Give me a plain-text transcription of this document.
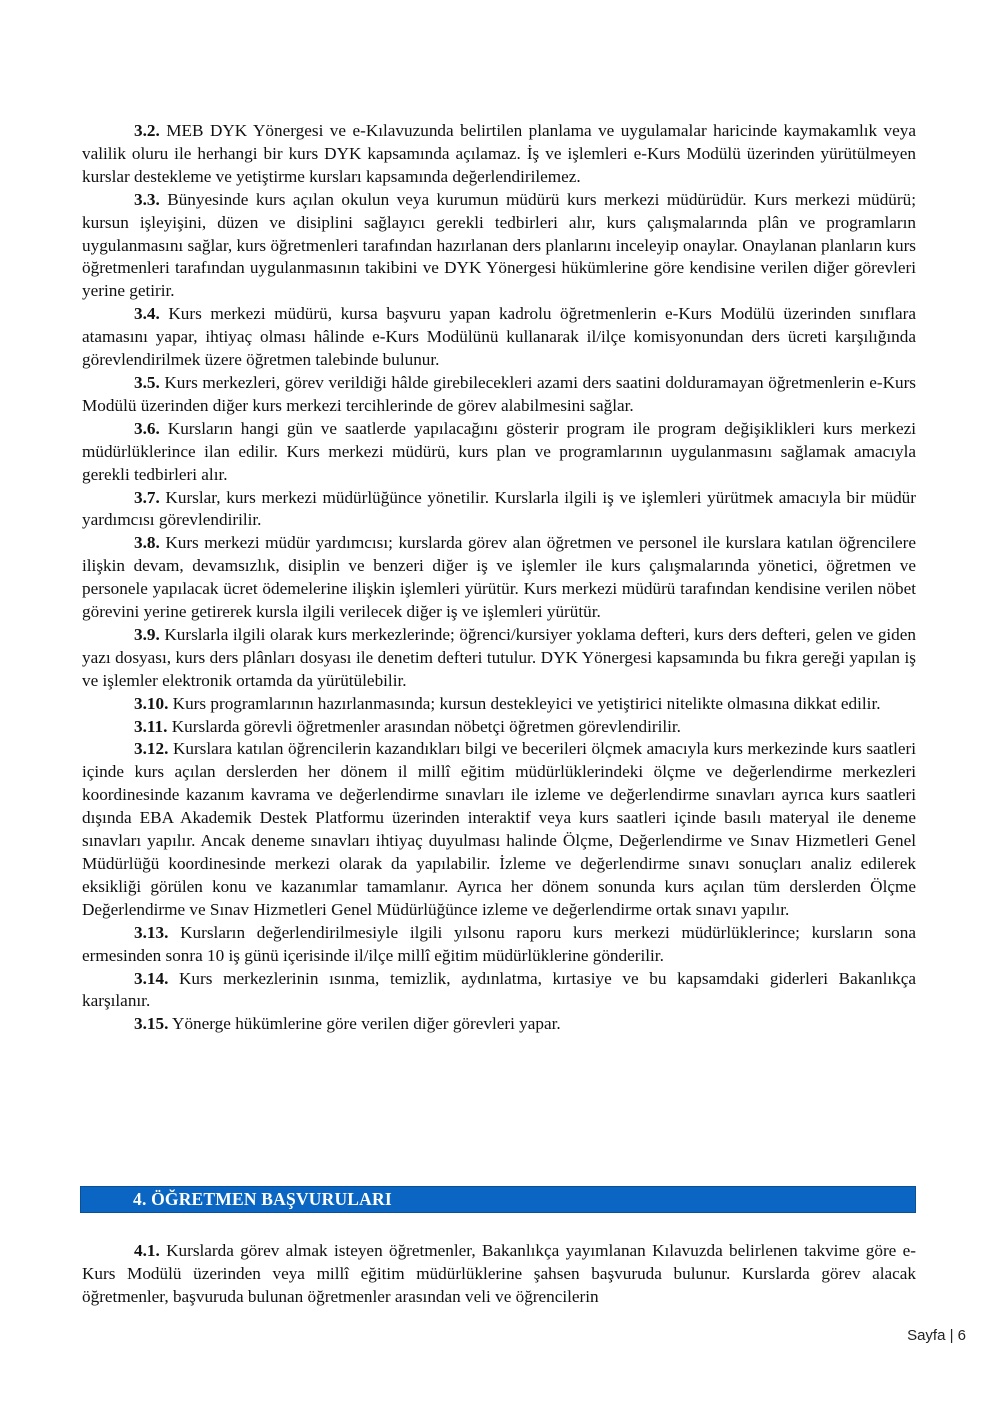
3.2. MEB DYK Yönergesi ve e-Kılavuzunda belirtilen planlama ve uygulamalar haricinde kaymakamlık veya valilik oluru ile herhangi bir kurs DYK kapsamında açılamaz. İş ve işlemleri e-Kurs Modülü üzerinden yürütülmeyen kurslar destekleme ve yetiştirme kursları kapsamında değerlendirilemez.

3.3. Bünyesinde kurs açılan okulun veya kurumun müdürü kurs merkezi müdürüdür. Kurs merkezi müdürü; kursun işleyişini, düzen ve disiplini sağlayıcı gerekli tedbirleri alır, kurs çalışmalarında plân ve programların uygulanmasını sağlar, kurs öğretmenleri tarafından hazırlanan ders planlarını inceleyip onaylar. Onaylanan planların kurs öğretmenleri tarafından uygulanmasının takibini ve DYK Yönergesi hükümlerine göre kendisine verilen diğer görevleri yerine getirir.

3.4. Kurs merkezi müdürü, kursa başvuru yapan kadrolu öğretmenlerin e-Kurs Modülü üzerinden sınıflara atamasını yapar, ihtiyaç olması hâlinde e-Kurs Modülünü kullanarak il/ilçe komisyonundan ders ücreti karşılığında görevlendirilmek üzere öğretmen talebinde bulunur.

3.5. Kurs merkezleri, görev verildiği hâlde girebilecekleri azami ders saatini dolduramayan öğretmenlerin e-Kurs Modülü üzerinden diğer kurs merkezi tercihlerinde de görev alabilmesini sağlar.

3.6. Kursların hangi gün ve saatlerde yapılacağını gösterir program ile program değişiklikleri kurs merkezi müdürlüklerince ilan edilir. Kurs merkezi müdürü, kurs plan ve programlarının uygulanmasını sağlamak amacıyla gerekli tedbirleri alır.

3.7. Kurslar, kurs merkezi müdürlüğünce yönetilir. Kurslarla ilgili iş ve işlemleri yürütmek amacıyla bir müdür yardımcısı görevlendirilir.

3.8. Kurs merkezi müdür yardımcısı; kurslarda görev alan öğretmen ve personel ile kurslara katılan öğrencilere ilişkin devam, devamsızlık, disiplin ve benzeri diğer iş ve işlemler ile kurs çalışmalarında yönetici, öğretmen ve personele yapılacak ücret ödemelerine ilişkin işlemleri yürütür. Kurs merkezi müdürü tarafından kendisine verilen nöbet görevini yerine getirerek kursla ilgili verilecek diğer iş ve işlemleri yürütür.

3.9. Kurslarla ilgili olarak kurs merkezlerinde; öğrenci/kursiyer yoklama defteri, kurs ders defteri, gelen ve giden yazı dosyası, kurs ders plânları dosyası ile denetim defteri tutulur. DYK Yönergesi kapsamında bu fıkra gereği yapılan iş ve işlemler elektronik ortamda da yürütülebilir.

3.10. Kurs programlarının hazırlanmasında; kursun destekleyici ve yetiştirici nitelikte olmasına dikkat edilir.

3.11. Kurslarda görevli öğretmenler arasından nöbetçi öğretmen görevlendirilir.

3.12. Kurslara katılan öğrencilerin kazandıkları bilgi ve becerileri ölçmek amacıyla kurs merkezinde kurs saatleri içinde kurs açılan derslerden her dönem il millî eğitim müdürlüklerindeki ölçme ve değerlendirme merkezleri koordinesinde kazanım kavrama ve değerlendirme sınavları ile izleme ve değerlendirme sınavları ayrıca kurs saatleri dışında EBA Akademik Destek Platformu üzerinden interaktif veya kurs saatleri içinde basılı materyal ile deneme sınavları yapılır. Ancak deneme sınavları ihtiyaç duyulması halinde Ölçme, Değerlendirme ve Sınav Hizmetleri Genel Müdürlüğü koordinesinde merkezi olarak da yapılabilir. İzleme ve değerlendirme sınavı sonuçları analiz edilerek eksikliği görülen konu ve kazanımlar tamamlanır. Ayrıca her dönem sonunda kurs açılan tüm derslerden Ölçme Değerlendirme ve Sınav Hizmetleri Genel Müdürlüğünce izleme ve değerlendirme ortak sınavı yapılır.

3.13. Kursların değerlendirilmesiyle ilgili yılsonu raporu kurs merkezi müdürlüklerince; kursların sona ermesinden sonra 10 iş günü içerisinde il/ilçe millî eğitim müdürlüklerine gönderilir.

3.14. Kurs merkezlerinin ısınma, temizlik, aydınlatma, kırtasiye ve bu kapsamdaki giderleri Bakanlıkça karşılanır.

3.15. Yönerge hükümlerine göre verilen diğer görevleri yapar.

4. ÖĞRETMEN BAŞVURULARI

4.1. Kurslarda görev almak isteyen öğretmenler, Bakanlıkça yayımlanan Kılavuzda belirlenen takvime göre e-Kurs Modülü üzerinden veya millî eğitim müdürlüklerine şahsen başvuruda bulunur. Kurslarda görev alacak öğretmenler, başvuruda bulunan öğretmenler arasından veli ve öğrencilerin

Sayfa | 6
